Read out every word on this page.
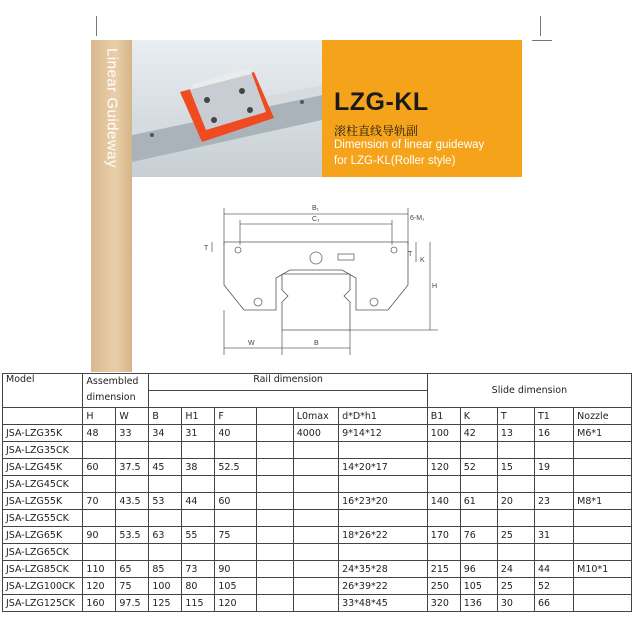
Linear Guideway	LZG-KL
滚柱直线导轨副
Dimension of linear guideway
for LZG-KL(Roller style)
B₁
C₁	6-M₁
T
T
K
H
W	B
Model	Assembled dimension		Rail dimension						Slide dimension				

	H	W	B	H1	F		L0max	d*D*h1	B1	K	T	T1	Nozzle
JSA-LZG35K	48	33	34	31	40		4000	9*14*12	100	42	13	16	M6*1
JSA-LZG35CK													
JSA-LZG45K	60	37.5	45	38	52.5			14*20*17	120	52	15	19	
JSA-LZG45CK													
JSA-LZG55K	70	43.5	53	44	60			16*23*20	140	61	20	23	M8*1
JSA-LZG55CK													
JSA-LZG65K	90	53.5	63	55	75			18*26*22	170	76	25	31	
JSA-LZG65CK													
JSA-LZG85CK	110	65	85	73	90			24*35*28	215	96	24	44	M10*1
JSA-LZG100CK	120	75	100	80	105			26*39*22	250	105	25	52	
JSA-LZG125CK	160	97.5	125	115	120			33*48*45	320	136	30	66	
